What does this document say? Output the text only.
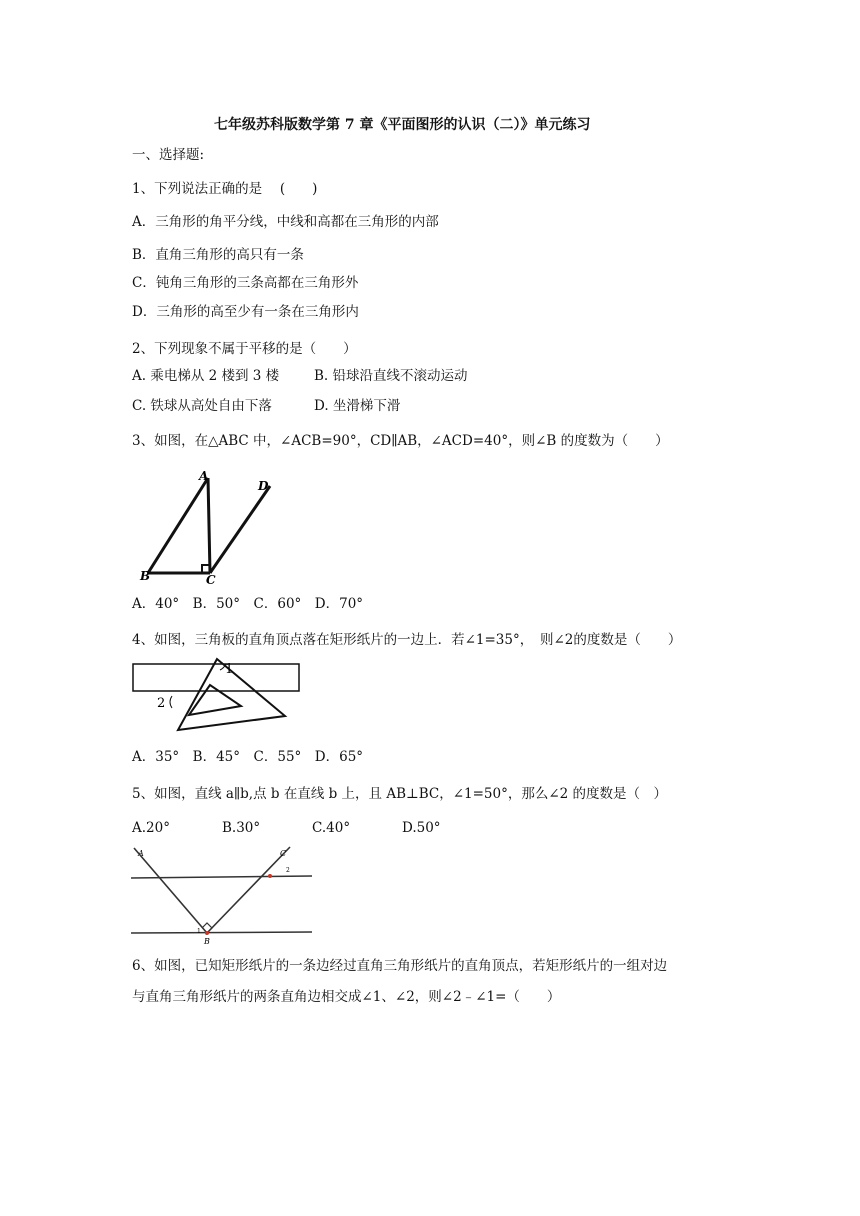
七年级苏科版数学第 7 章《平面图形的认识（二）》单元练习
一、选择题:
1、下列说法正确的是　 (　　)
A．三角形的角平分线，中线和高都在三角形的内部
B．直角三角形的高只有一条
C．钝角三角形的三条高都在三角形外
D．三角形的高至少有一条在三角形内
2、下列现象不属于平移的是（　　）
A. 乘电梯从 2 楼到 3 楼	B. 铅球沿直线不滚动运动
C. 铁球从高处自由下落	D. 坐滑梯下滑
3、如图，在△ABC 中，∠ACB=90°，CD∥AB，∠ACD=40°，则∠B 的度数为（　　）
A
B	C
D
A．40°　B．50°　C．60°　D．70°
4、如图，三角板的直角顶点落在矩形纸片的一边上．若∠1=35°，　则∠2的度数是（　　）
1
2
A．35°　B．45°　C．55°　D．65°
5、如图，直线 a∥b,点 b 在直线 b 上，且 AB⊥BC，∠1=50°，那么∠2 的度数是（　）
A.20°	B.30°	C.40°	D.50°
A
B
C
1
2
6、如图，已知矩形纸片的一条边经过直角三角形纸片的直角顶点，若矩形纸片的一组对边
与直角三角形纸片的两条直角边相交成∠1、∠2，则∠2﹣∠1=（　　）
